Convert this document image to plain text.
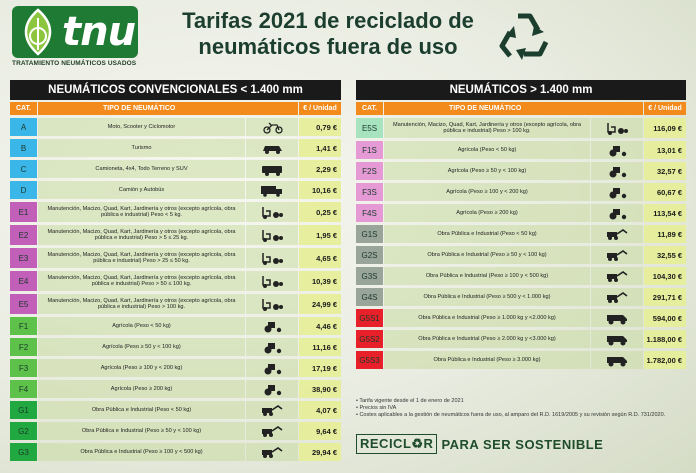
tnu
TRATAMIENTO NEUMÁTICOS USADOS
Tarifas 2021 de reciclado de
neumáticos fuera de uso
NEUMÁTICOS CONVENCIONALES < 1.400 mm
CAT.	TIPO DE NEUMÁTICO	€ / Unidad
A	Moto, Scooter y Ciclomotor	0,79 €
B	Turismo	1,41 €
C	Camioneta, 4x4, Todo Terreno y SUV	2,29 €
D	Camión y Autobús	10,16 €
E1	Manutención, Macizo, Quad, Kart, Jardinería y otros (excepto agrícola, obra pública e industrial) Peso < 5 kg.	0,25 €
E2	Manutención, Macizo, Quad, Kart, Jardinería y otros (excepto agrícola, obra pública e industrial) Peso > 5 ≤ 25 kg.	1,95 €
E3	Manutención, Macizo, Quad, Kart, Jardinería y otros (excepto agrícola, obra pública e industrial) Peso > 25 ≤ 50 kg.	4,65 €
E4	Manutención, Macizo, Quad, Kart, Jardinería y otros (excepto agrícola, obra pública e industrial) Peso > 50 ≤ 100 kg.	10,39 €
E5	Manutención, Macizo, Quad, Kart, Jardinería y otros (excepto agrícola, obra pública e industrial) Peso > 100 kg.	24,99 €
F1	Agrícola (Peso < 50 kg)	4,46 €
F2	Agrícola (Peso ≥ 50 y < 100 kg)	11,16 €
F3	Agrícola (Peso ≥ 100 y < 200 kg)	17,19 €
F4	Agrícola (Peso ≥ 200 kg)	38,90 €
G1	Obra Pública e Industrial (Peso < 50 kg)	4,07 €
G2	Obra Pública e Industrial (Peso ≥ 50 y < 100 kg)	9,64 €
G3	Obra Pública e Industrial (Peso ≥ 100 y < 500 kg)	29,94 €
NEUMÁTICOS > 1.400 mm
CAT.	TIPO DE NEUMÁTICO	€ / Unidad
E5S	Manutención, Macizo, Quad, Kart, Jardinería y otros (excepto agrícola, obra pública e industrial) Peso > 100 kg.	116,09 €
F1S	Agrícola (Peso < 50 kg)	13,01 €
F2S	Agrícola (Peso ≥ 50 y < 100 kg)	32,57 €
F3S	Agrícola (Peso ≥ 100 y < 200 kg)	60,67 €
F4S	Agrícola (Peso ≥ 200 kg)	113,54 €
G1S	Obra Pública e Industrial (Peso < 50 kg)	11,89 €
G2S	Obra Pública e Industrial (Peso ≥ 50 y < 100 kg)	32,55 €
G3S	Obra Pública e Industrial (Peso ≥ 100 y < 500 kg)	104,30 €
G4S	Obra Pública e Industrial (Peso ≥ 500 y < 1.000 kg)	291,71 €
G5S1	Obra Pública e Industrial (Peso ≥ 1.000 kg y <2.000 kg)	594,00 €
G5S2	Obra Pública e Industrial (Peso ≥ 2.000 kg y <3.000 kg)	1.188,00 €
G5S3	Obra Pública e Industrial (Peso ≥ 3.000 kg)	1.782,00 €
• Tarifa vigente desde el 1 de enero de 2021
• Precios sin IVA
• Costes aplicables a la gestión de neumáticos fuera de uso, al amparo del R.D. 1619/2005 y su revisión según R.D. 731/2020.
RECICL♻R PARA SER SOSTENIBLE
